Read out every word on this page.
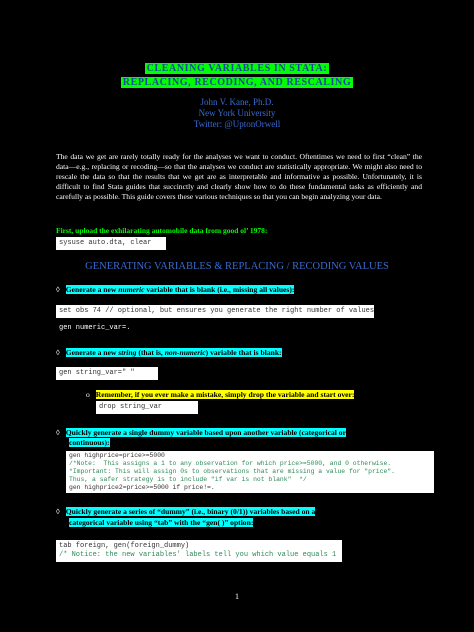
CLEANING VARIABLES IN STATA:
REPLACING, RECODING, AND RESCALING
John V. Kane, Ph.D.
New York University
Twitter: @UptonOrwell
The data we get are rarely totally ready for the analyses we want to conduct. Oftentimes we need to first “clean” the data—e.g., replacing or recoding—so that the analyses we conduct are statistically appropriate. We might also need to rescale the data so that the results that we get are as interpretable and informative as possible. Unfortunately, it is difficult to find Stata guides that succinctly and clearly show how to do these fundamental tasks as efficiently and carefully as possible. This guide covers these various techniques so that you can begin analyzing your data.
First, upload the exhilarating automobile data from good ol’ 1978:
sysuse auto.dta, clear
GENERATING VARIABLES & REPLACING / RECODING VALUES
◊ Generate a new numeric variable that is blank (i.e., missing all values):
set obs 74 // optional, but ensures you generate the right number of values

gen numeric_var=.
◊ Generate a new string (that is, non-numeric) variable that is blank:
gen string_var=" "
o Remember, if you ever make a mistake, simply drop the variable and start over:
drop string_var
◊ Quickly generate a single dummy variable based upon another variable (categorical or
continuous):
gen highprice=price>=5000
/*Note:  This assigns a 1 to any observation for which price>=5000, and 0 otherwise.
*Important: This will assign 0s to observations that are missing a value for "price".
Thus, a safer strategy is to include "if var is not blank"  */
gen highprice2=price>=5000 if price!=.
◊ Quickly generate a series of “dummy” (i.e., binary (0/1)) variables based on a
categorical variable using “tab” with the “gen( )” option:
tab foreign, gen(foreign_dummy)
/* Notice: the new variables' labels tell you which value equals 1
1
